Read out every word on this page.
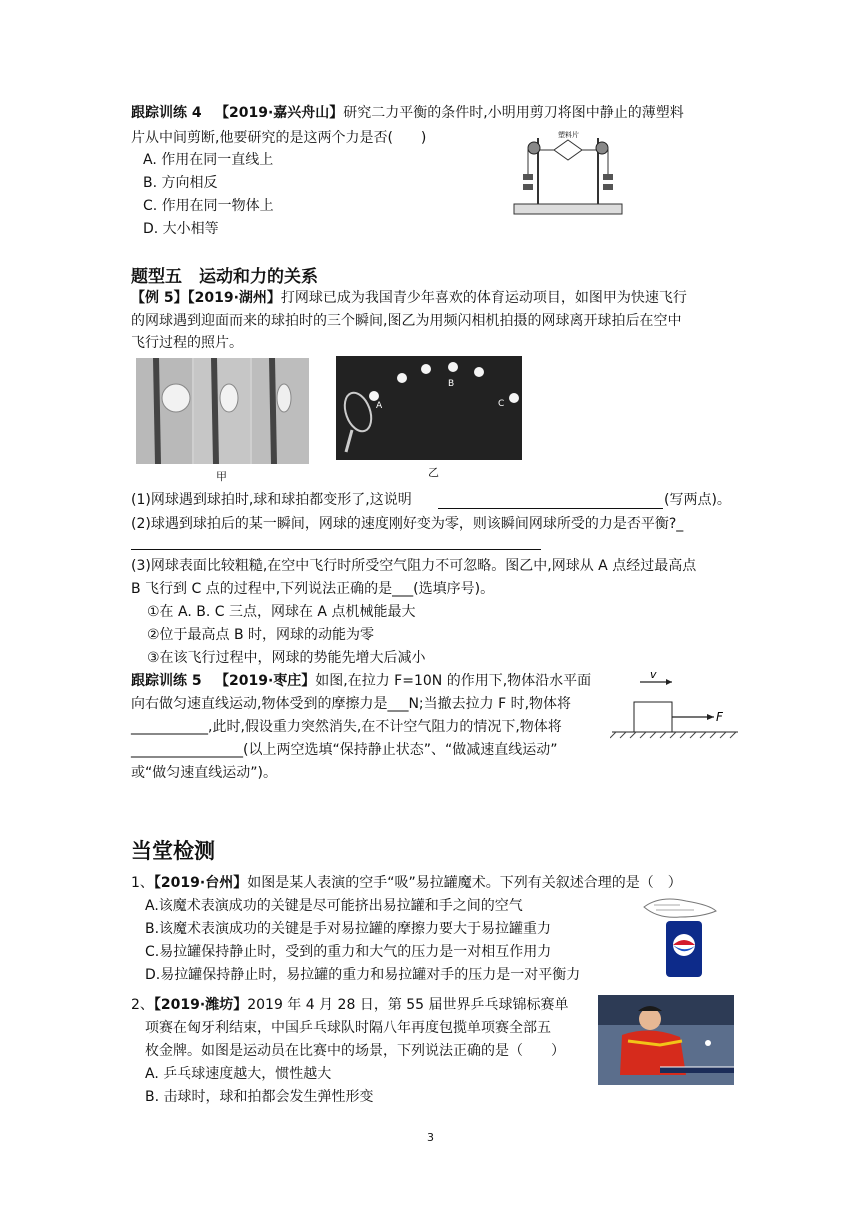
跟踪训练 4 【2019·嘉兴舟山】研究二力平衡的条件时,小明用剪刀将图中静止的薄塑料
片从中间剪断,他要研究的是这两个力是否(　　)
A. 作用在同一直线上
B. 方向相反
C. 作用在同一物体上
D. 大小相等
塑料片
题型五　运动和力的关系
【例 5】【2019·湖州】打网球已成为我国青少年喜欢的体育运动项目，如图甲为快速飞行
的网球遇到迎面而来的球拍时的三个瞬间,图乙为用频闪相机拍摄的网球离开球拍后在空中
飞行过程的照片。
甲
A
B
C
乙
(1)网球遇到球拍时,球和球拍都变形了,这说明	(写两点)。
(2)球遇到球拍后的某一瞬间，网球的速度刚好变为零，则该瞬间网球所受的力是否平衡?_
(3)网球表面比较粗糙,在空中飞行时所受空气阻力不可忽略。图乙中,网球从 A 点经过最高点
B 飞行到 C 点的过程中,下列说法正确的是___(选填序号)。
①在 A. B. C 三点，网球在 A 点机械能最大
②位于最高点 B 时，网球的动能为零
③在该飞行过程中，网球的势能先增大后减小
跟踪训练 5 【2019·枣庄】如图,在拉力 F=10N 的作用下,物体沿水平面
向右做匀速直线运动,物体受到的摩擦力是___N;当撤去拉力 F 时,物体将
___________,此时,假设重力突然消失,在不计空气阻力的情况下,物体将
________________(以上两空选填“保持静止状态”、“做减速直线运动”
或“做匀速直线运动”)。
v
F
当堂检测
1、【2019·台州】如图是某人表演的空手“吸”易拉罐魔术。下列有关叙述合理的是（　）
A.该魔术表演成功的关键是尽可能挤出易拉罐和手之间的空气
B.该魔术表演成功的关键是手对易拉罐的摩擦力要大于易拉罐重力
C.易拉罐保持静止时，受到的重力和大气的压力是一对相互作用力
D.易拉罐保持静止时，易拉罐的重力和易拉罐对手的压力是一对平衡力
2、【2019·潍坊】2019 年 4 月 28 日，第 55 届世界乒乓球锦标赛单
项赛在匈牙利结束，中国乒乓球队时隔八年再度包揽单项赛全部五
枚金牌。如图是运动员在比赛中的场景，下列说法正确的是（　　）
A. 乒乓球速度越大，惯性越大
B. 击球时，球和拍都会发生弹性形变
3
